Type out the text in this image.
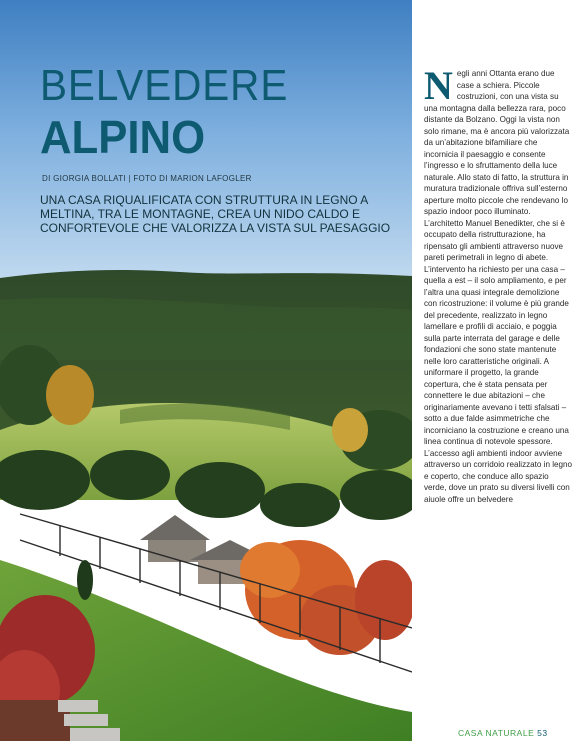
BELVEDERE
ALPINO
DI GIORGIA BOLLATI | FOTO DI MARION LAFOGLER
UNA CASA RIQUALIFICATA CON STRUTTURA IN LEGNO A MELTINA, TRA LE MONTAGNE, CREA UN NIDO CALDO E CONFORTEVOLE CHE VALORIZZA LA VISTA SUL PAESAGGIO
N egli anni Ottanta erano due case a schiera. Piccole costruzioni, con una vista su una montagna dalla bellezza rara, poco distante da Bolzano. Oggi la vista non solo rimane, ma è ancora più valorizzata da un’abitazione bifamiliare che incornicia il paesaggio e consente l’ingresso e lo sfruttamento della luce naturale. Allo stato di fatto, la struttura in muratura tradizionale offriva sull’esterno aperture molto piccole che rendevano lo spazio indoor poco illuminato. L’architetto Manuel Benedikter, che si è occupato della ristrutturazione, ha ripensato gli ambienti attraverso nuove pareti perimetrali in legno di abete. L’intervento ha richiesto per una casa – quella a est – il solo ampliamento, e per l’altra una quasi integrale demolizione con ricostruzione: il volume è più grande del precedente, realizzato in legno lamellare e profili di acciaio, e poggia sulla parte interrata del garage e delle fondazioni che sono state mantenute nelle loro caratteristiche originali. A uniformare il progetto, la grande copertura, che è stata pensata per connettere le due abitazioni – che originariamente avevano i tetti sfalsati – sotto a due falde asimmetriche che incorniciano la costruzione e creano una linea continua di notevole spessore. L’accesso agli ambienti indoor avviene attraverso un corridoio realizzato in legno e coperto, che conduce allo spazio verde, dove un prato su diversi livelli con aiuole offre un belvedere

CASA NATURALE 53
